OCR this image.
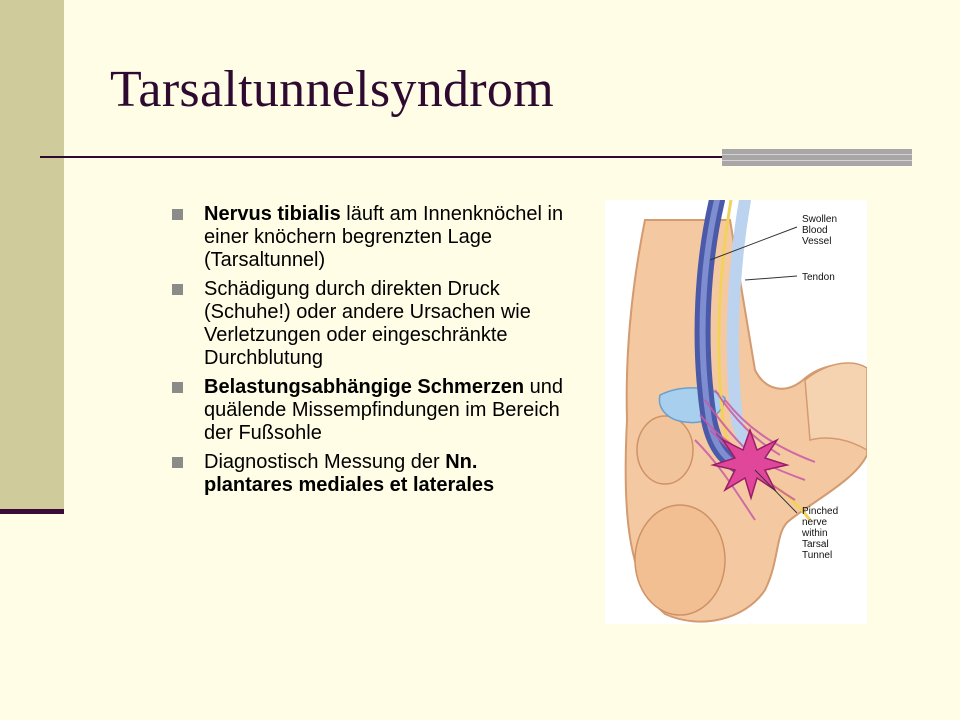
Tarsaltunnelsyndrom
Nervus tibialis läuft am Innenknöchel in einer knöchern begrenzten Lage (Tarsaltunnel)
Schädigung durch direkten Druck (Schuhe!) oder andere Ursachen wie Verletzungen oder eingeschränkte Durchblutung
Belastungsabhängige Schmerzen und quälende Missempfindungen im Bereich der Fußsohle
Diagnostisch Messung der Nn. plantares mediales et laterales
Swollen
Blood
Vessel
Tendon
Pinched
nerve
within
Tarsal
Tunnel
